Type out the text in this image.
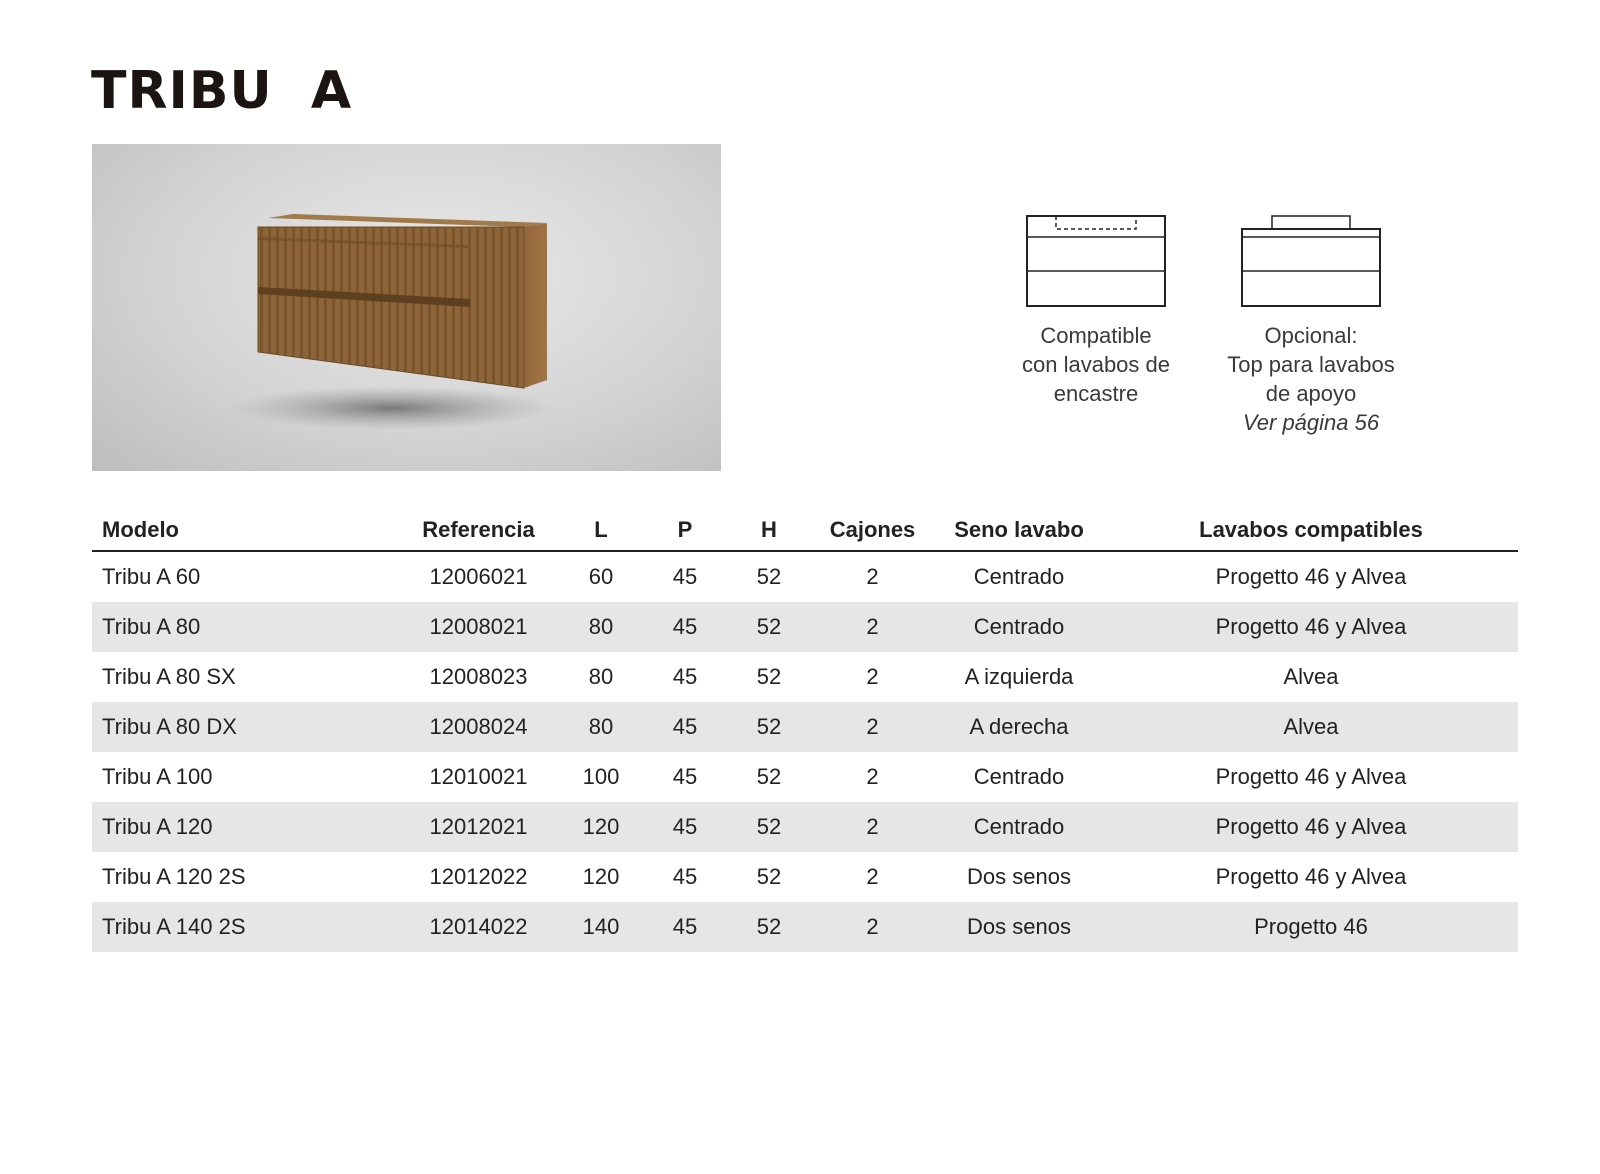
TRIBU  A
Compatible
con lavabos de
encastre
Opcional:
Top para lavabos
de apoyo
Ver página 56
Modelo	Referencia	L	P	H	Cajones	Seno lavabo	Lavabos compatibles
Tribu A 60	12006021	60	45	52	2	Centrado	Progetto 46 y Alvea
Tribu A 80	12008021	80	45	52	2	Centrado	Progetto 46 y Alvea
Tribu A 80 SX	12008023	80	45	52	2	A izquierda	Alvea
Tribu A 80 DX	12008024	80	45	52	2	A derecha	Alvea
Tribu A 100	12010021	100	45	52	2	Centrado	Progetto 46 y Alvea
Tribu A 120	12012021	120	45	52	2	Centrado	Progetto 46 y Alvea
Tribu A 120 2S	12012022	120	45	52	2	Dos senos	Progetto 46 y Alvea
Tribu A 140 2S	12014022	140	45	52	2	Dos senos	Progetto 46
